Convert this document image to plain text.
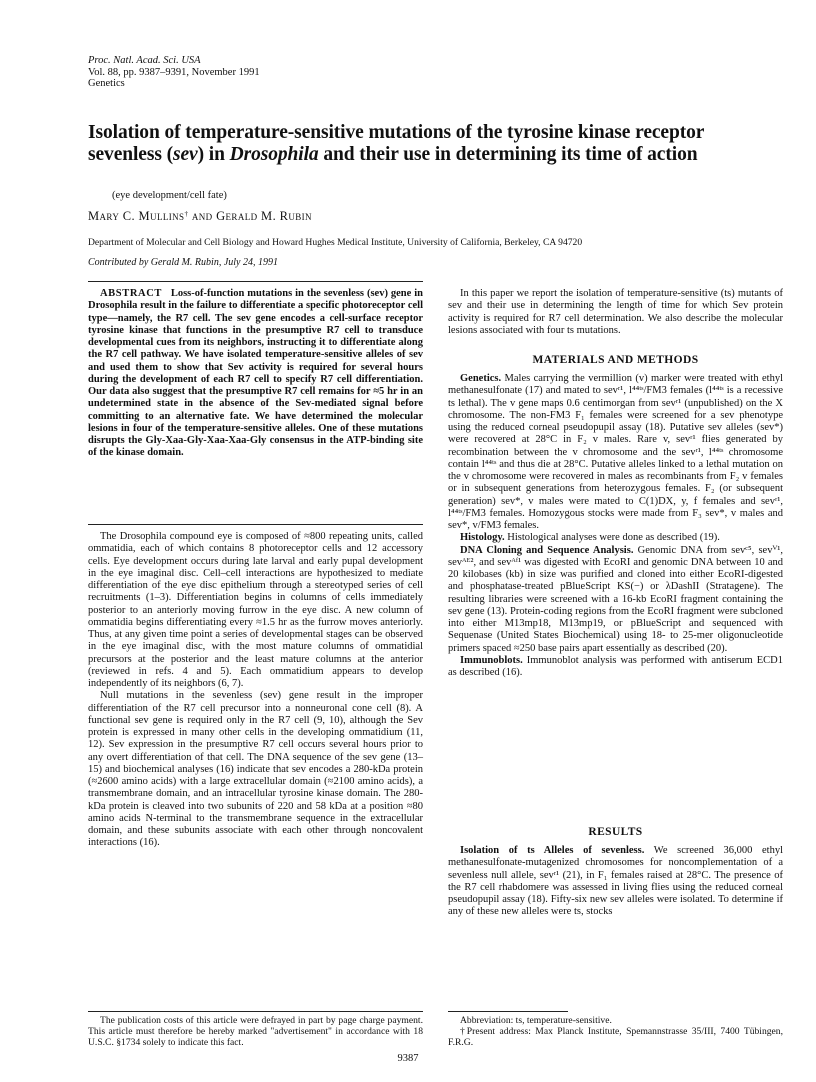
Proc. Natl. Acad. Sci. USA
Vol. 88, pp. 9387–9391, November 1991
Genetics
Isolation of temperature-sensitive mutations of the tyrosine kinase receptor sevenless (sev) in Drosophila and their use in determining its time of action
(eye development/cell fate)
Mary C. Mullins† and Gerald M. Rubin
Department of Molecular and Cell Biology and Howard Hughes Medical Institute, University of California, Berkeley, CA 94720
Contributed by Gerald M. Rubin, July 24, 1991

ABSTRACT Loss-of-function mutations in the sevenless (sev) gene in Drosophila result in the failure to differentiate a specific photoreceptor cell type—namely, the R7 cell. The sev gene encodes a cell-surface receptor tyrosine kinase that functions in the presumptive R7 cell to transduce developmental cues from its neighbors, instructing it to differentiate along the R7 cell pathway. We have isolated temperature-sensitive alleles of sev and used them to show that Sev activity is required for several hours during the development of each R7 cell to specify R7 cell differentiation. Our data also suggest that the presumptive R7 cell remains for ≈5 hr in an undetermined state in the absence of the Sev-mediated signal before committing to an alternative fate. We have determined the molecular lesions in four of the temperature-sensitive alleles. One of these mutations disrupts the Gly-Xaa-Gly-Xaa-Xaa-Gly consensus in the ATP-binding site of the kinase domain.

The Drosophila compound eye is composed of ≈800 repeating units, called ommatidia, each of which contains 8 photoreceptor cells and 12 accessory cells. Eye development occurs during late larval and early pupal development in the eye imaginal disc. Cell–cell interactions are hypothesized to mediate differentiation of the eye disc epithelium through a stereotyped series of cell recruitments (1–3). Differentiation begins in columns of cells immediately posterior to an anteriorly moving furrow in the eye disc. A new column of ommatidia begins differentiating every ≈1.5 hr as the furrow moves anteriorly. Thus, at any given time point a series of developmental stages can be observed in the eye imaginal disc, with the most mature columns of ommatidial precursors at the posterior and the least mature columns at the anterior (reviewed in refs. 4 and 5). Each ommatidium appears to develop independently of its neighbors (6, 7).

Null mutations in the sevenless (sev) gene result in the improper differentiation of the R7 cell precursor into a nonneuronal cone cell (8). A functional sev gene is required only in the R7 cell (9, 10), although the Sev protein is expressed in many other cells in the developing ommatidium (11, 12). Sev expression in the presumptive R7 cell occurs several hours prior to any overt differentiation of that cell. The DNA sequence of the sev gene (13–15) and biochemical analyses (16) indicate that sev encodes a 280-kDa protein (≈2600 amino acids) with a large extracellular domain (≈2100 amino acids), a transmembrane domain, and an intracellular tyrosine kinase domain. The 280-kDa protein is cleaved into two subunits of 220 and 58 kDa at a position ≈80 amino acids N-terminal to the transmembrane sequence in the extracellular domain, and these subunits associate with each other through noncovalent interactions (16).

The publication costs of this article were defrayed in part by page charge payment. This article must therefore be hereby marked "advertisement" in accordance with 18 U.S.C. §1734 solely to indicate this fact.

In this paper we report the isolation of temperature-sensitive (ts) mutants of sev and their use in determining the length of time for which Sev protein activity is required for R7 cell determination. We also describe the molecular lesions associated with four ts mutations.

MATERIALS AND METHODS

Genetics. Males carrying the vermillion (v) marker were treated with ethyl methanesulfonate (17) and mated to sevʳ¹, l⁴⁴ᵗˢ/FM3 females (l⁴⁴ᵗˢ is a recessive ts lethal). The v gene maps 0.6 centimorgan from sevʳ¹ (unpublished) on the X chromosome. The non-FM3 F₁ females were screened for a sev phenotype using the reduced corneal pseudopupil assay (18). Putative sev alleles (sev*) were recovered at 28°C in F₂ v males. Rare v, sevʳ¹ flies generated by recombination between the v chromosome and the sevʳ¹, l⁴⁴ᵗˢ chromosome contain l⁴⁴ᵗˢ and thus die at 28°C. Putative alleles linked to a lethal mutation on the v chromosome were recovered in males as recombinants from F₂ v females or in subsequent generations from heterozygous females. F₂ (or subsequent generation) sev*, v males were mated to C(1)DX, y, f females and sevʳ¹, l⁴⁴ᵗˢ/FM3 females. Homozygous stocks were made from F₃ sev*, v males and sev*, v/FM3 females.

Histology. Histological analyses were done as described (19).

DNA Cloning and Sequence Analysis. Genomic DNA from sevᶜ⁵, sevⱽ¹, sevᴬᴱ², and sevᴬᶠ¹ was digested with EcoRI and genomic DNA between 10 and 20 kilobases (kb) in size was purified and cloned into either EcoRI-digested and phosphatase-treated pBlueScript KS(−) or λDashII (Stratagene). The resulting libraries were screened with a 16-kb EcoRI fragment containing the sev gene (13). Protein-coding regions from the EcoRI fragment were subcloned into either M13mp18, M13mp19, or pBlueScript and sequenced with Sequenase (United States Biochemical) using 18- to 25-mer oligonucleotide primers spaced ≈250 base pairs apart essentially as described (20).

Immunoblots. Immunoblot analysis was performed with antiserum ECD1 as described (16).

RESULTS

Isolation of ts Alleles of sevenless. We screened 36,000 ethyl methanesulfonate-mutagenized chromosomes for noncomplementation of a sevenless null allele, sevʳ¹ (21), in F₁ females raised at 28°C. The presence of the R7 cell rhabdomere was assessed in living flies using the reduced corneal pseudopupil assay (18). Fifty-six new sev alleles were isolated. To determine if any of these new alleles were ts, stocks

Abbreviation: ts, temperature-sensitive.

†Present address: Max Planck Institute, Spemannstrasse 35/III, 7400 Tübingen, F.R.G.

9387
